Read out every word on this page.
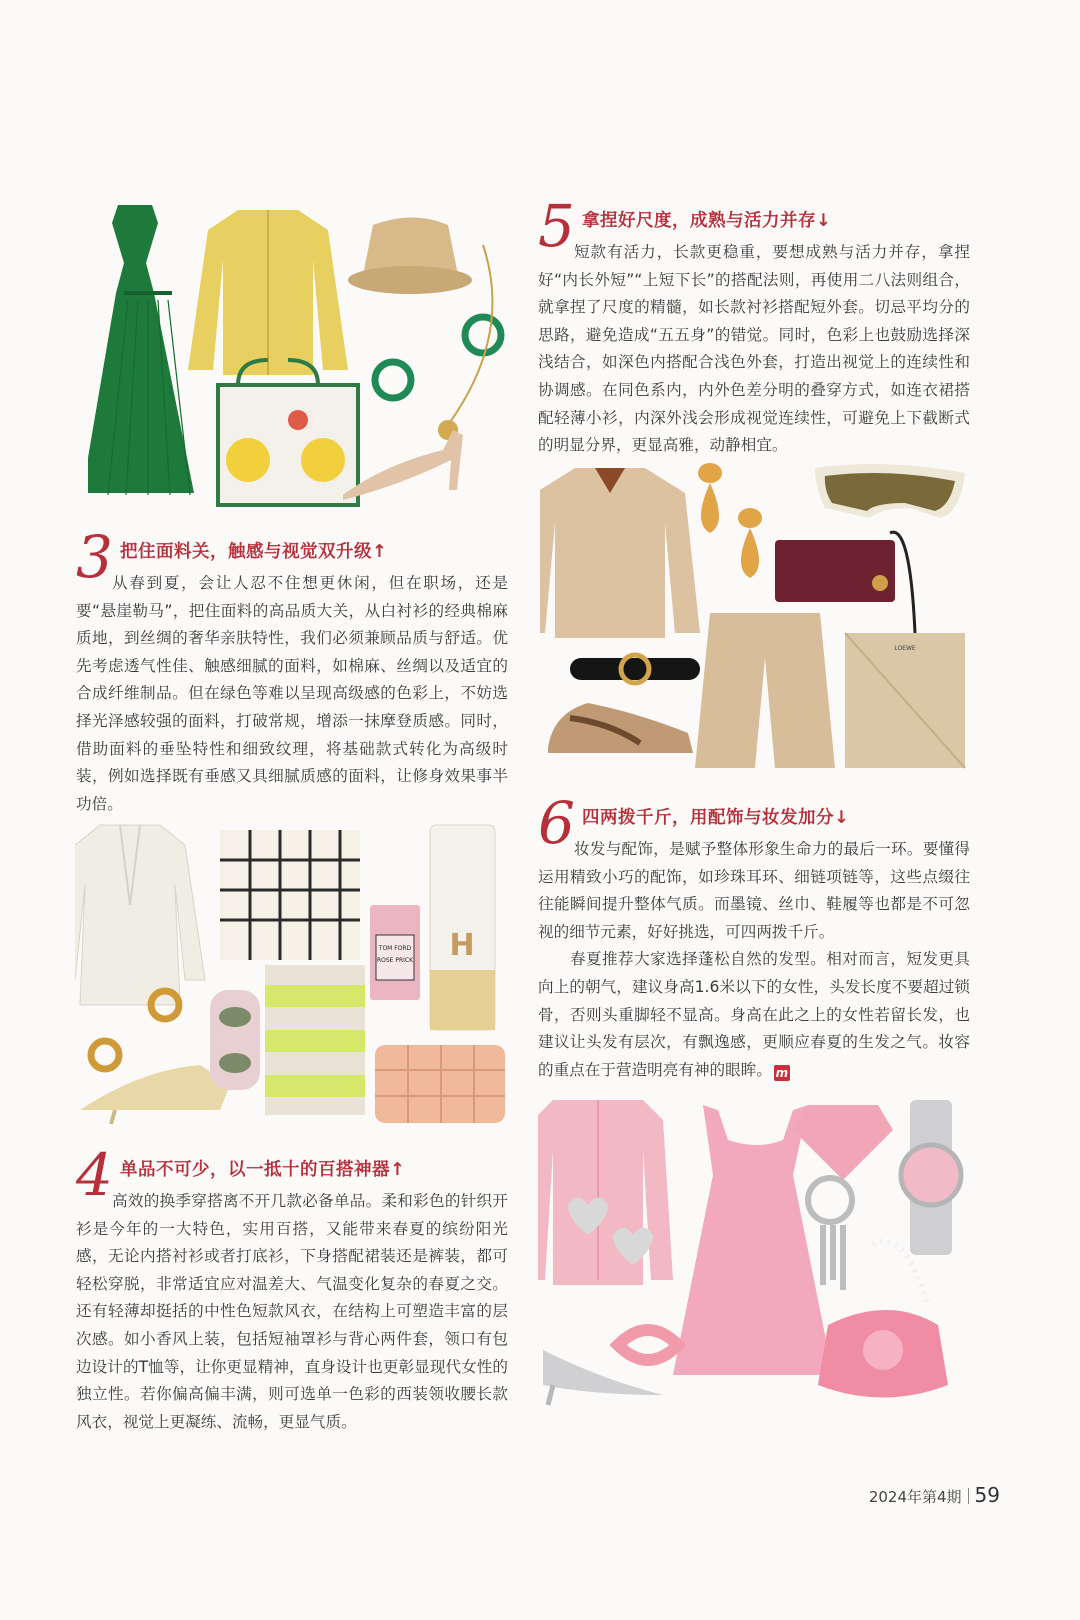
3 把住面料关，触感与视觉双升级↑

从春到夏，会让人忍不住想更休闲，但在职场，还是要“悬崖勒马”，把住面料的高品质大关，从白衬衫的经典棉麻质地，到丝绸的奢华亲肤特性，我们必须兼顾品质与舒适。优先考虑透气性佳、触感细腻的面料，如棉麻、丝绸以及适宜的合成纤维制品。但在绿色等难以呈现高级感的色彩上，不妨选择光泽感较强的面料，打破常规，增添一抹摩登质感。同时，借助面料的垂坠特性和细致纹理，将基础款式转化为高级时装，例如选择既有垂感又具细腻质感的面料，让修身效果事半功倍。

TOM FORD
ROSE PRICK H
4 单品不可少，以一抵十的百搭神器↑

高效的换季穿搭离不开几款必备单品。柔和彩色的针织开衫是今年的一大特色，实用百搭，又能带来春夏的缤纷阳光感，无论内搭衬衫或者打底衫，下身搭配裙装还是裤装，都可轻松穿脱，非常适宜应对温差大、气温变化复杂的春夏之交。还有轻薄却挺括的中性色短款风衣，在结构上可塑造丰富的层次感。如小香风上装，包括短袖罩衫与背心两件套，领口有包边设计的T恤等，让你更显精神，直身设计也更彰显现代女性的独立性。若你偏高偏丰满，则可选单一色彩的西装领收腰长款风衣，视觉上更凝练、流畅，更显气质。

5 拿捏好尺度，成熟与活力并存↓

短款有活力，长款更稳重，要想成熟与活力并存，拿捏好“内长外短”“上短下长”的搭配法则，再使用二八法则组合，就拿捏了尺度的精髓，如长款衬衫搭配短外套。切忌平均分的思路，避免造成“五五身”的错觉。同时，色彩上也鼓励选择深浅结合，如深色内搭配合浅色外套，打造出视觉上的连续性和协调感。在同色系内，内外色差分明的叠穿方式，如连衣裙搭配轻薄小衫，内深外浅会形成视觉连续性，可避免上下截断式的明显分界，更显高雅，动静相宜。

LOEWE
6 四两拨千斤，用配饰与妆发加分↓

妆发与配饰，是赋予整体形象生命力的最后一环。要懂得运用精致小巧的配饰，如珍珠耳环、细链项链等，这些点缀往往能瞬间提升整体气质。而墨镜、丝巾、鞋履等也都是不可忽视的细节元素，好好挑选，可四两拨千斤。

春夏推荐大家选择蓬松自然的发型。相对而言，短发更具向上的朝气，建议身高1.6米以下的女性，头发长度不要超过锁骨，否则头重脚轻不显高。身高在此之上的女性若留长发，也建议让头发有层次，有飘逸感，更顺应春夏的生发之气。妆容的重点在于营造明亮有神的眼眸。 m

2024年第4期 59
